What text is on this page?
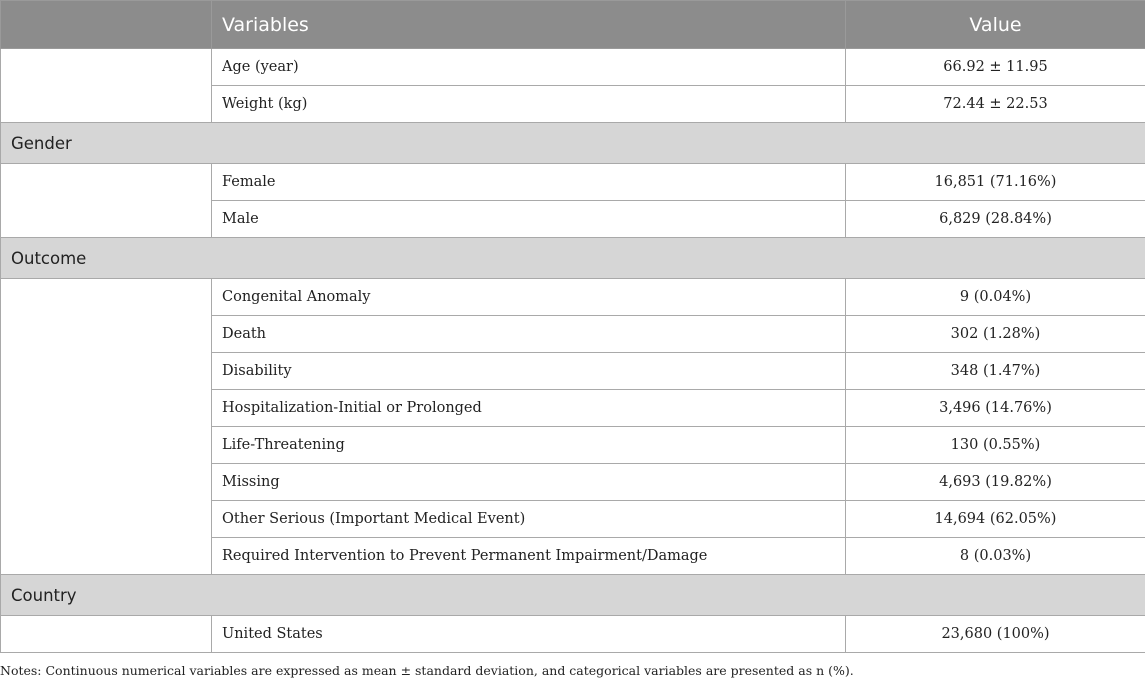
	Variables	Value
	Age (year)	66.92 ± 11.95
	Weight (kg)	72.44 ± 22.53
Gender		
	Female	16,851 (71.16%)
	Male	6,829 (28.84%)
Outcome		
	Congenital Anomaly	9 (0.04%)
	Death	302 (1.28%)
	Disability	348 (1.47%)
	Hospitalization-Initial or Prolonged	3,496 (14.76%)
	Life-Threatening	130 (0.55%)
	Missing	4,693 (19.82%)
	Other Serious (Important Medical Event)	14,694 (62.05%)
	Required Intervention to Prevent Permanent Impairment/Damage	8 (0.03%)
Country		
	United States	23,680 (100%)
Notes: Continuous numerical variables are expressed as mean ± standard deviation, and categorical variables are presented as n (%).
